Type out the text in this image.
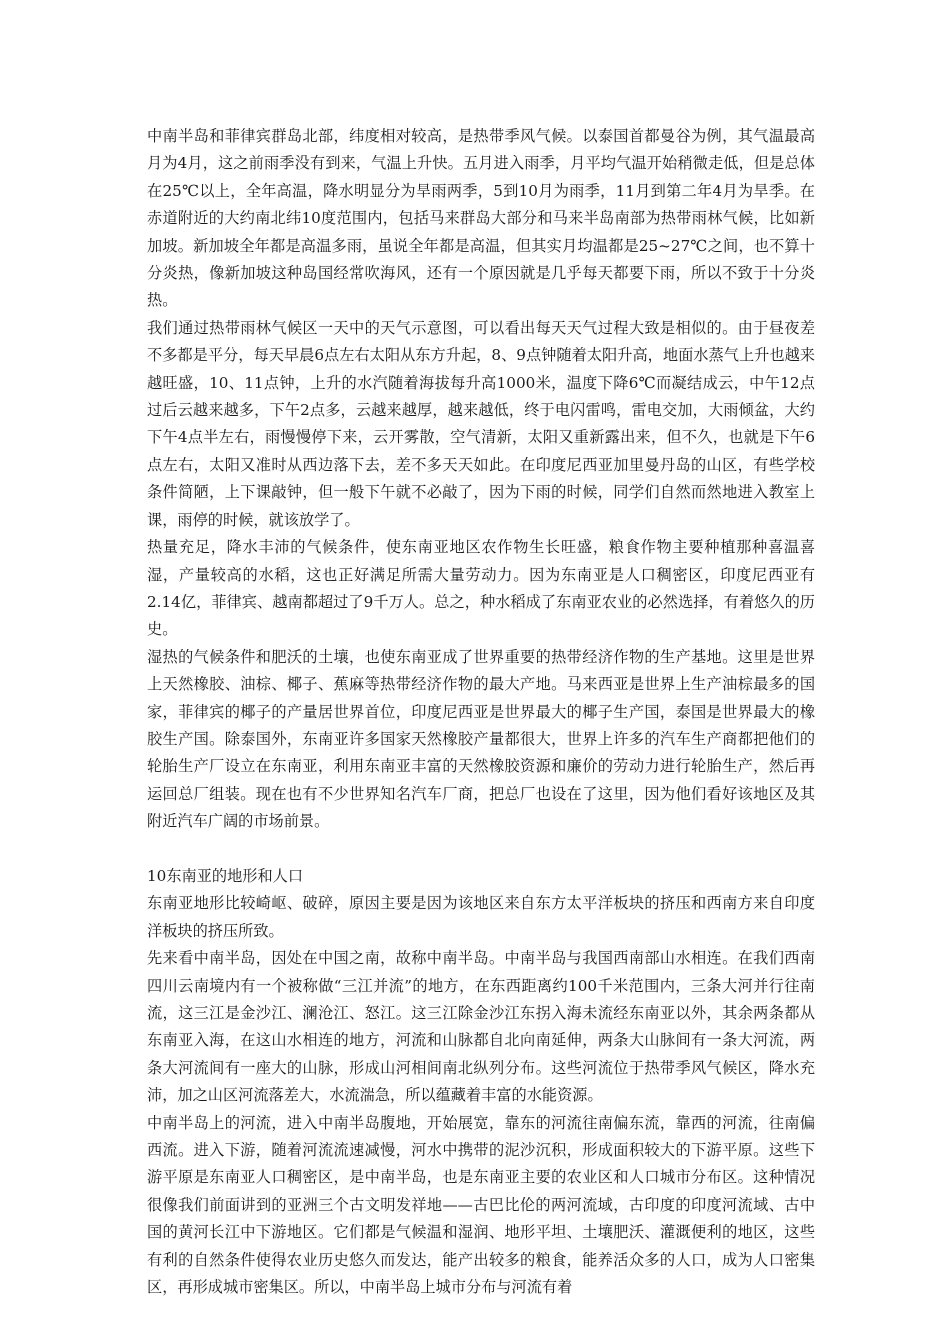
中南半岛和菲律宾群岛北部，纬度相对较高，是热带季风气候。以泰国首都曼谷为例，其气温最高月为4月，这之前雨季没有到来，气温上升快。五月进入雨季，月平均气温开始稍微走低，但是总体在25℃以上，全年高温，降水明显分为旱雨两季，5到10月为雨季，11月到第二年4月为旱季。在赤道附近的大约南北纬10度范围内，包括马来群岛大部分和马来半岛南部为热带雨林气候，比如新加坡。新加坡全年都是高温多雨，虽说全年都是高温，但其实月均温都是25~27℃之间，也不算十分炎热，像新加坡这种岛国经常吹海风，还有一个原因就是几乎每天都要下雨，所以不致于十分炎热。

我们通过热带雨林气候区一天中的天气示意图，可以看出每天天气过程大致是相似的。由于昼夜差不多都是平分，每天早晨6点左右太阳从东方升起，8、9点钟随着太阳升高，地面水蒸气上升也越来越旺盛，10、11点钟，上升的水汽随着海拔每升高1000米，温度下降6℃而凝结成云，中午12点过后云越来越多，下午2点多，云越来越厚，越来越低，终于电闪雷鸣，雷电交加，大雨倾盆，大约下午4点半左右，雨慢慢停下来，云开雾散，空气清新，太阳又重新露出来，但不久，也就是下午6点左右，太阳又准时从西边落下去，差不多天天如此。在印度尼西亚加里曼丹岛的山区，有些学校条件简陋，上下课敲钟，但一般下午就不必敲了，因为下雨的时候，同学们自然而然地进入教室上课，雨停的时候，就该放学了。

热量充足，降水丰沛的气候条件，使东南亚地区农作物生长旺盛，粮食作物主要种植那种喜温喜湿，产量较高的水稻，这也正好满足所需大量劳动力。因为东南亚是人口稠密区，印度尼西亚有2.14亿，菲律宾、越南都超过了9千万人。总之，种水稻成了东南亚农业的必然选择，有着悠久的历史。

湿热的气候条件和肥沃的土壤，也使东南亚成了世界重要的热带经济作物的生产基地。这里是世界上天然橡胶、油棕、椰子、蕉麻等热带经济作物的最大产地。马来西亚是世界上生产油棕最多的国家，菲律宾的椰子的产量居世界首位，印度尼西亚是世界最大的椰子生产国，泰国是世界最大的橡胶生产国。除泰国外，东南亚许多国家天然橡胶产量都很大，世界上许多的汽车生产商都把他们的轮胎生产厂设立在东南亚，利用东南亚丰富的天然橡胶资源和廉价的劳动力进行轮胎生产，然后再运回总厂组装。现在也有不少世界知名汽车厂商，把总厂也设在了这里，因为他们看好该地区及其附近汽车广阔的市场前景。

10东南亚的地形和人口

东南亚地形比较崎岖、破碎，原因主要是因为该地区来自东方太平洋板块的挤压和西南方来自印度洋板块的挤压所致。

先来看中南半岛，因处在中国之南，故称中南半岛。中南半岛与我国西南部山水相连。在我们西南四川云南境内有一个被称做“三江并流”的地方，在东西距离约100千米范围内，三条大河并行往南流，这三江是金沙江、澜沧江、怒江。这三江除金沙江东拐入海未流经东南亚以外，其余两条都从东南亚入海，在这山水相连的地方，河流和山脉都自北向南延伸，两条大山脉间有一条大河流，两条大河流间有一座大的山脉，形成山河相间南北纵列分布。这些河流位于热带季风气候区，降水充沛，加之山区河流落差大，水流湍急，所以蕴藏着丰富的水能资源。

中南半岛上的河流，进入中南半岛腹地，开始展宽，靠东的河流往南偏东流，靠西的河流，往南偏西流。进入下游，随着河流流速减慢，河水中携带的泥沙沉积，形成面积较大的下游平原。这些下游平原是东南亚人口稠密区，是中南半岛，也是东南亚主要的农业区和人口城市分布区。这种情况很像我们前面讲到的亚洲三个古文明发祥地——古巴比伦的两河流域，古印度的印度河流域、古中国的黄河长江中下游地区。它们都是气候温和湿润、地形平坦、土壤肥沃、灌溉便利的地区，这些有利的自然条件使得农业历史悠久而发达，能产出较多的粮食，能养活众多的人口，成为人口密集区，再形成城市密集区。所以，中南半岛上城市分布与河流有着
